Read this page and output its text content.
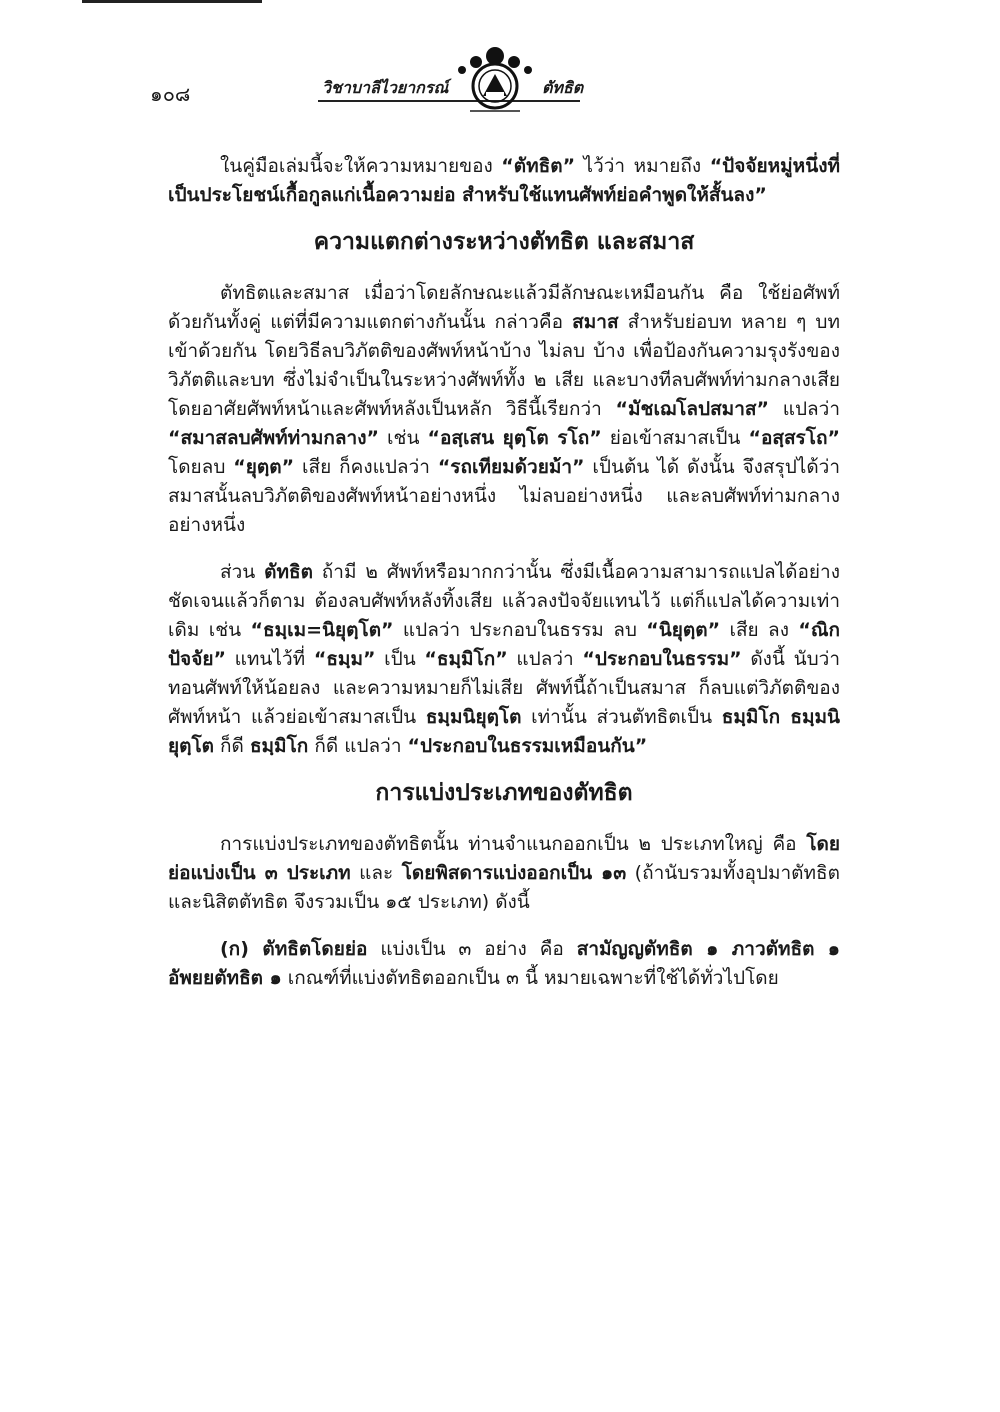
๑๐๘	วิชาบาลีไวยากรณ์	ตัทธิต

ในคู่มือเล่มนี้จะให้ความหมายของ “ตัทธิต” ไว้ว่า หมายถึง “ปัจจัยหมู่หนึ่งที่เป็นประโยชน์เกื้อกูลแก่เนื้อความย่อ สำหรับใช้แทนศัพท์ย่อคำพูดให้สั้นลง”

ความแตกต่างระหว่างตัทธิต และสมาส

ตัทธิตและสมาส เมื่อว่าโดยลักษณะแล้วมีลักษณะเหมือนกัน คือ ใช้ย่อศัพท์ด้วยกันทั้งคู่ แต่ที่มีความแตกต่างกันนั้น กล่าวคือ สมาส สำหรับย่อบท หลาย ๆ บทเข้าด้วยกัน โดยวิธีลบวิภัตติของศัพท์หน้าบ้าง ไม่ลบ บ้าง เพื่อป้องกันความรุงรังของวิภัตติและบท ซึ่งไม่จำเป็นในระหว่างศัพท์ทั้ง ๒ เสีย และบางทีลบศัพท์ท่ามกลางเสีย โดยอาศัยศัพท์หน้าและศัพท์หลังเป็นหลัก วิธีนี้เรียกว่า “มัชเฌโลปสมาส” แปลว่า “สมาสลบศัพท์ท่ามกลาง” เช่น “อสฺเสน ยุตฺโต รโถ” ย่อเข้าสมาสเป็น “อสฺสรโถ” โดยลบ “ยุตฺต” เสีย ก็คงแปลว่า “รถเทียมด้วยม้า” เป็นต้น ได้ ดังนั้น จึงสรุปได้ว่า สมาสนั้นลบวิภัตติของศัพท์หน้าอย่างหนึ่ง ไม่ลบอย่างหนึ่ง และลบศัพท์ท่ามกลางอย่างหนึ่ง

ส่วน ตัทธิต ถ้ามี ๒ ศัพท์หรือมากกว่านั้น ซึ่งมีเนื้อความสามารถแปลได้อย่างชัดเจนแล้วก็ตาม ต้องลบศัพท์หลังทิ้งเสีย แล้วลงปัจจัยแทนไว้ แต่ก็แปลได้ความเท่าเดิม เช่น “ธมฺเม=นิยุตฺโต” แปลว่า ประกอบในธรรม ลบ “นิยุตฺต” เสีย ลง “ณิก ปัจจัย” แทนไว้ที่ “ธมฺม” เป็น “ธมฺมิโก” แปลว่า “ประกอบในธรรม” ดังนี้ นับว่าทอนศัพท์ให้น้อยลง และความหมายก็ไม่เสีย ศัพท์นี้ถ้าเป็นสมาส ก็ลบแต่วิภัตติของศัพท์หน้า แล้วย่อเข้าสมาสเป็น ธมฺมนิยุตฺโต เท่านั้น ส่วนตัทธิตเป็น ธมฺมิโก ธมฺมนิยุตฺโต ก็ดี ธมฺมิโก ก็ดี แปลว่า “ประกอบในธรรมเหมือนกัน”

การแบ่งประเภทของตัทธิต

การแบ่งประเภทของตัทธิตนั้น ท่านจำแนกออกเป็น ๒ ประเภทใหญ่ คือ โดยย่อแบ่งเป็น ๓ ประเภท และ โดยพิสดารแบ่งออกเป็น ๑๓ (ถ้านับรวมทั้งอุปมาตัทธิต และนิสิตตัทธิต จึงรวมเป็น ๑๕ ประเภท) ดังนี้

(ก) ตัทธิตโดยย่อ แบ่งเป็น ๓ อย่าง คือ สามัญญตัทธิต ๑ ภาวตัทธิต ๑ อัพยยตัทธิต ๑ เกณฑ์ที่แบ่งตัทธิตออกเป็น ๓ นี้ หมายเฉพาะที่ใช้ได้ทั่วไปโดย
